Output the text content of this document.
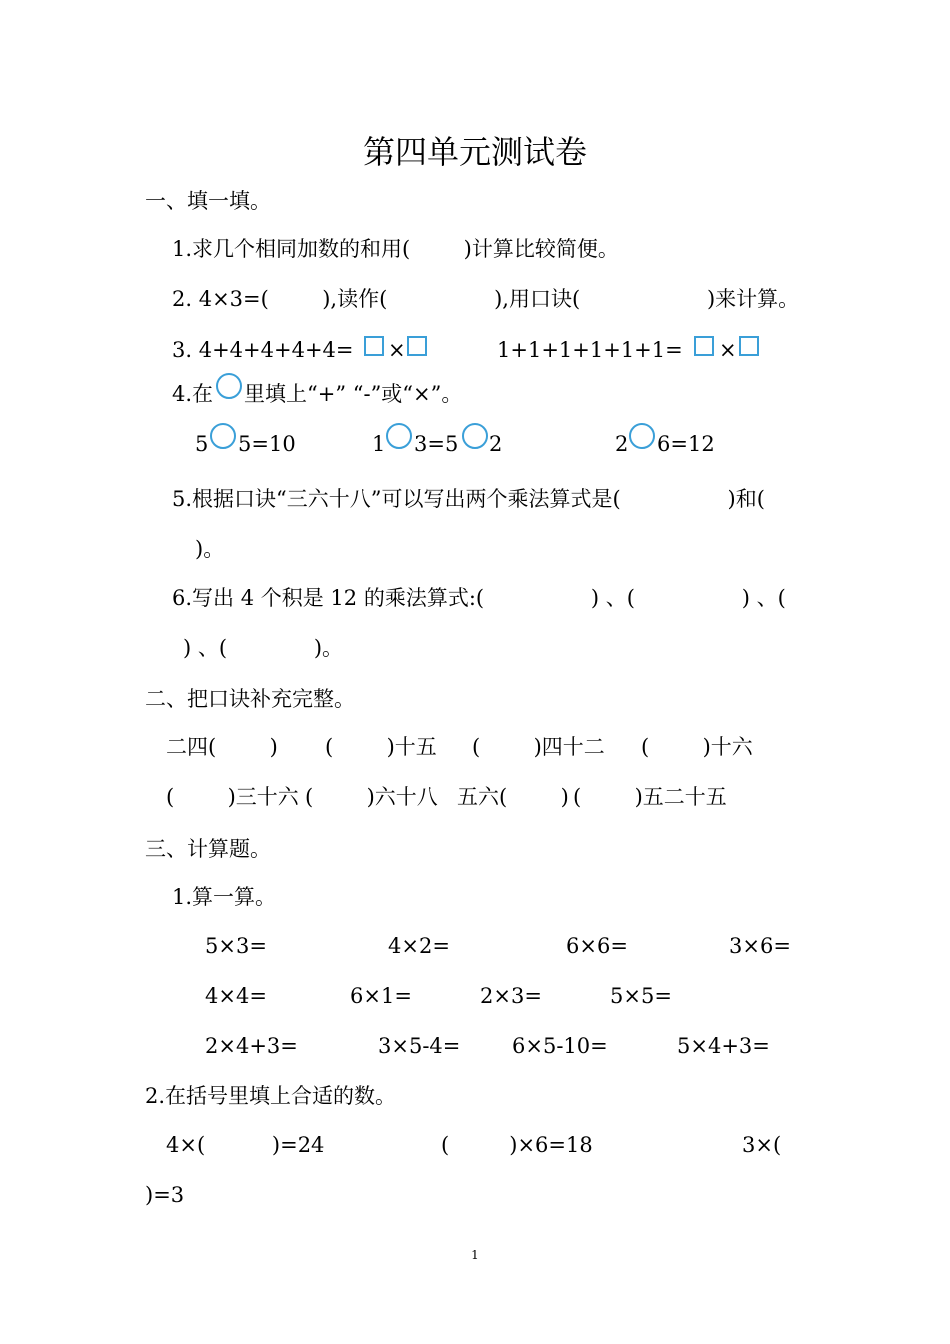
第四单元测试卷
一、填一填。
1.求几个相同加数的和用(        )计算比较简便。
2. 4×3=(        ),读作(                ),用口诀(                   )来计算。
3. 4+4+4+4+4= ×	1+1+1+1+1+1= ×
4.在 里填上“+” “-”或“×”。
5 5=10	1 3=5 2	2 6=12
5.根据口诀“三六十八”可以写出两个乘法算式是(                )和(
)。
6.写出 4 个积是 12 的乘法算式:(                ) 、(                ) 、(
) 、(             )。
二、把口诀补充完整。
二四(        ) (        )十五 (        )四十二 (        )十六
(        )三十六 (        )六十八 五六(        ) (        )五二十五
三、计算题。
1.算一算。
5×3=	4×2=	6×6=	3×6=
4×4=	6×1=	2×3=	5×5=
2×4+3=	3×5-4= 6×5-10=	5×4+3=
2.在括号里填上合适的数。
4×(          )=24	(         )×6=18	3×(
)=3
1
